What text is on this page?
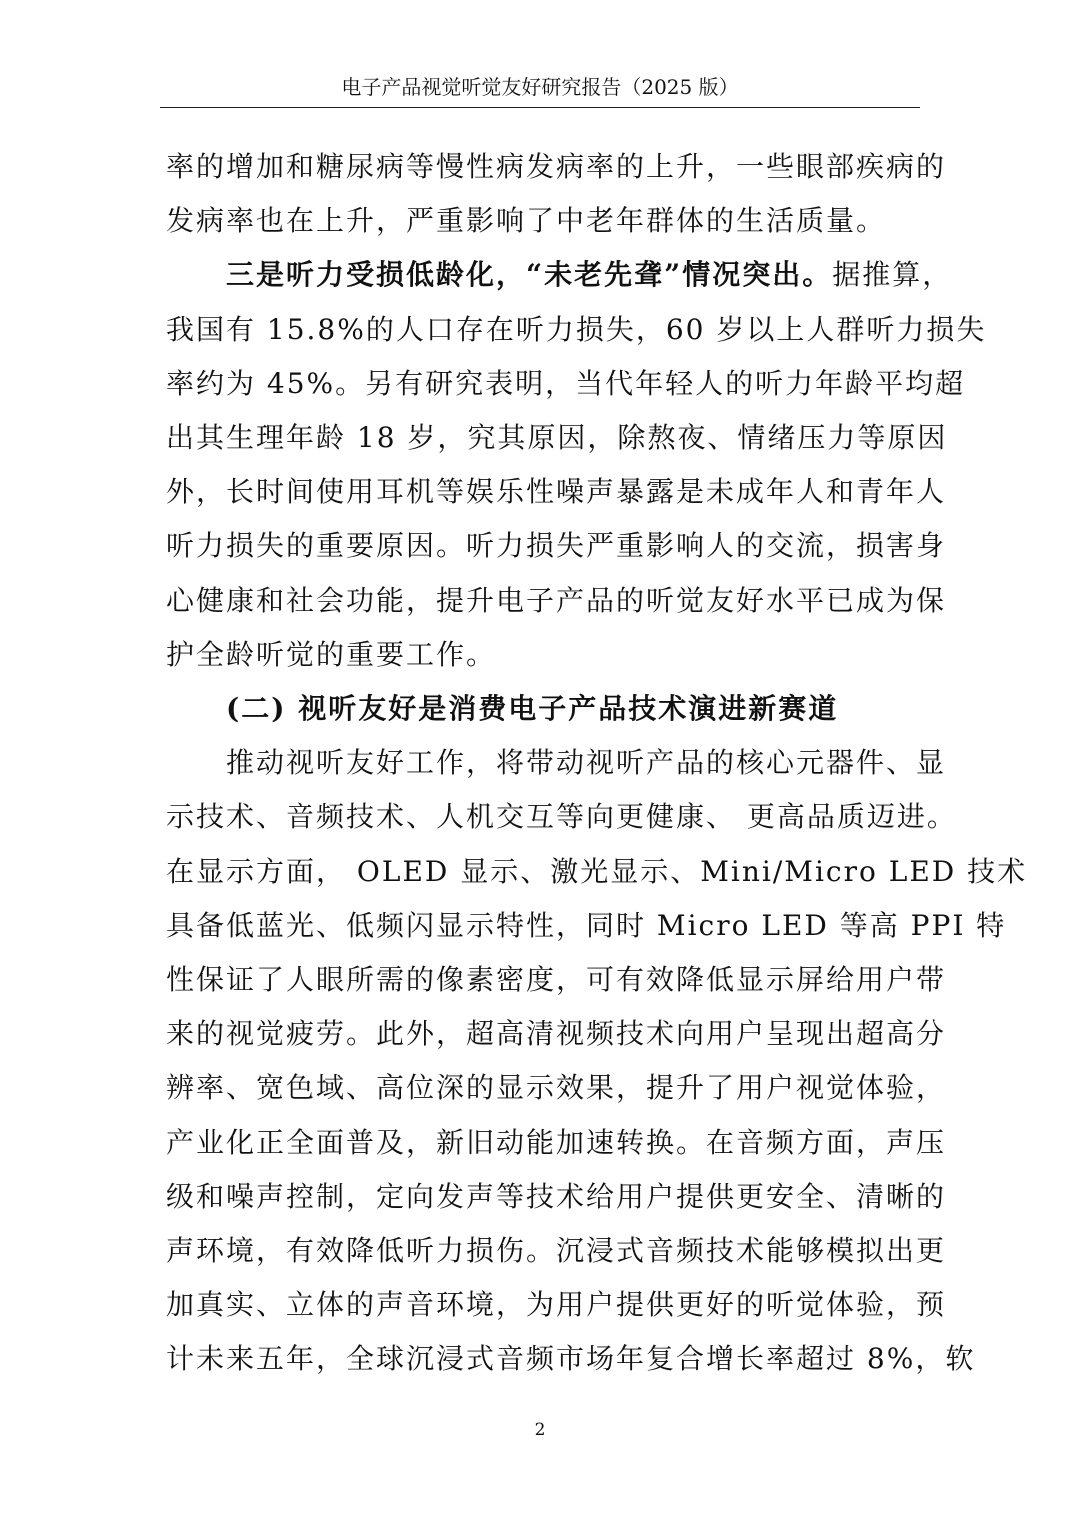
电子产品视觉听觉友好研究报告（2025 版）
率的增加和糖尿病等慢性病发病率的上升，一些眼部疾病的
发病率也在上升，严重影响了中老年群体的生活质量。
三是听力受损低龄化，“未老先聋”情况突出。据推算，
我国有 15.8%的人口存在听力损失，60 岁以上人群听力损失
率约为 45%。另有研究表明，当代年轻人的听力年龄平均超
出其生理年龄 18 岁，究其原因，除熬夜、情绪压力等原因
外，长时间使用耳机等娱乐性噪声暴露是未成年人和青年人
听力损失的重要原因。听力损失严重影响人的交流，损害身
心健康和社会功能，提升电子产品的听觉友好水平已成为保
护全龄听觉的重要工作。
(二) 视听友好是消费电子产品技术演进新赛道
推动视听友好工作，将带动视听产品的核心元器件、显
示技术、音频技术、人机交互等向更健康、 更高品质迈进。
在显示方面， OLED 显示、激光显示、Mini/Micro LED 技术
具备低蓝光、低频闪显示特性，同时 Micro LED 等高 PPI 特
性保证了人眼所需的像素密度，可有效降低显示屏给用户带
来的视觉疲劳。此外，超高清视频技术向用户呈现出超高分
辨率、宽色域、高位深的显示效果，提升了用户视觉体验，
产业化正全面普及，新旧动能加速转换。在音频方面，声压
级和噪声控制，定向发声等技术给用户提供更安全、清晰的
声环境，有效降低听力损伤。沉浸式音频技术能够模拟出更
加真实、立体的声音环境，为用户提供更好的听觉体验，预
计未来五年，全球沉浸式音频市场年复合增长率超过 8%，软
2
